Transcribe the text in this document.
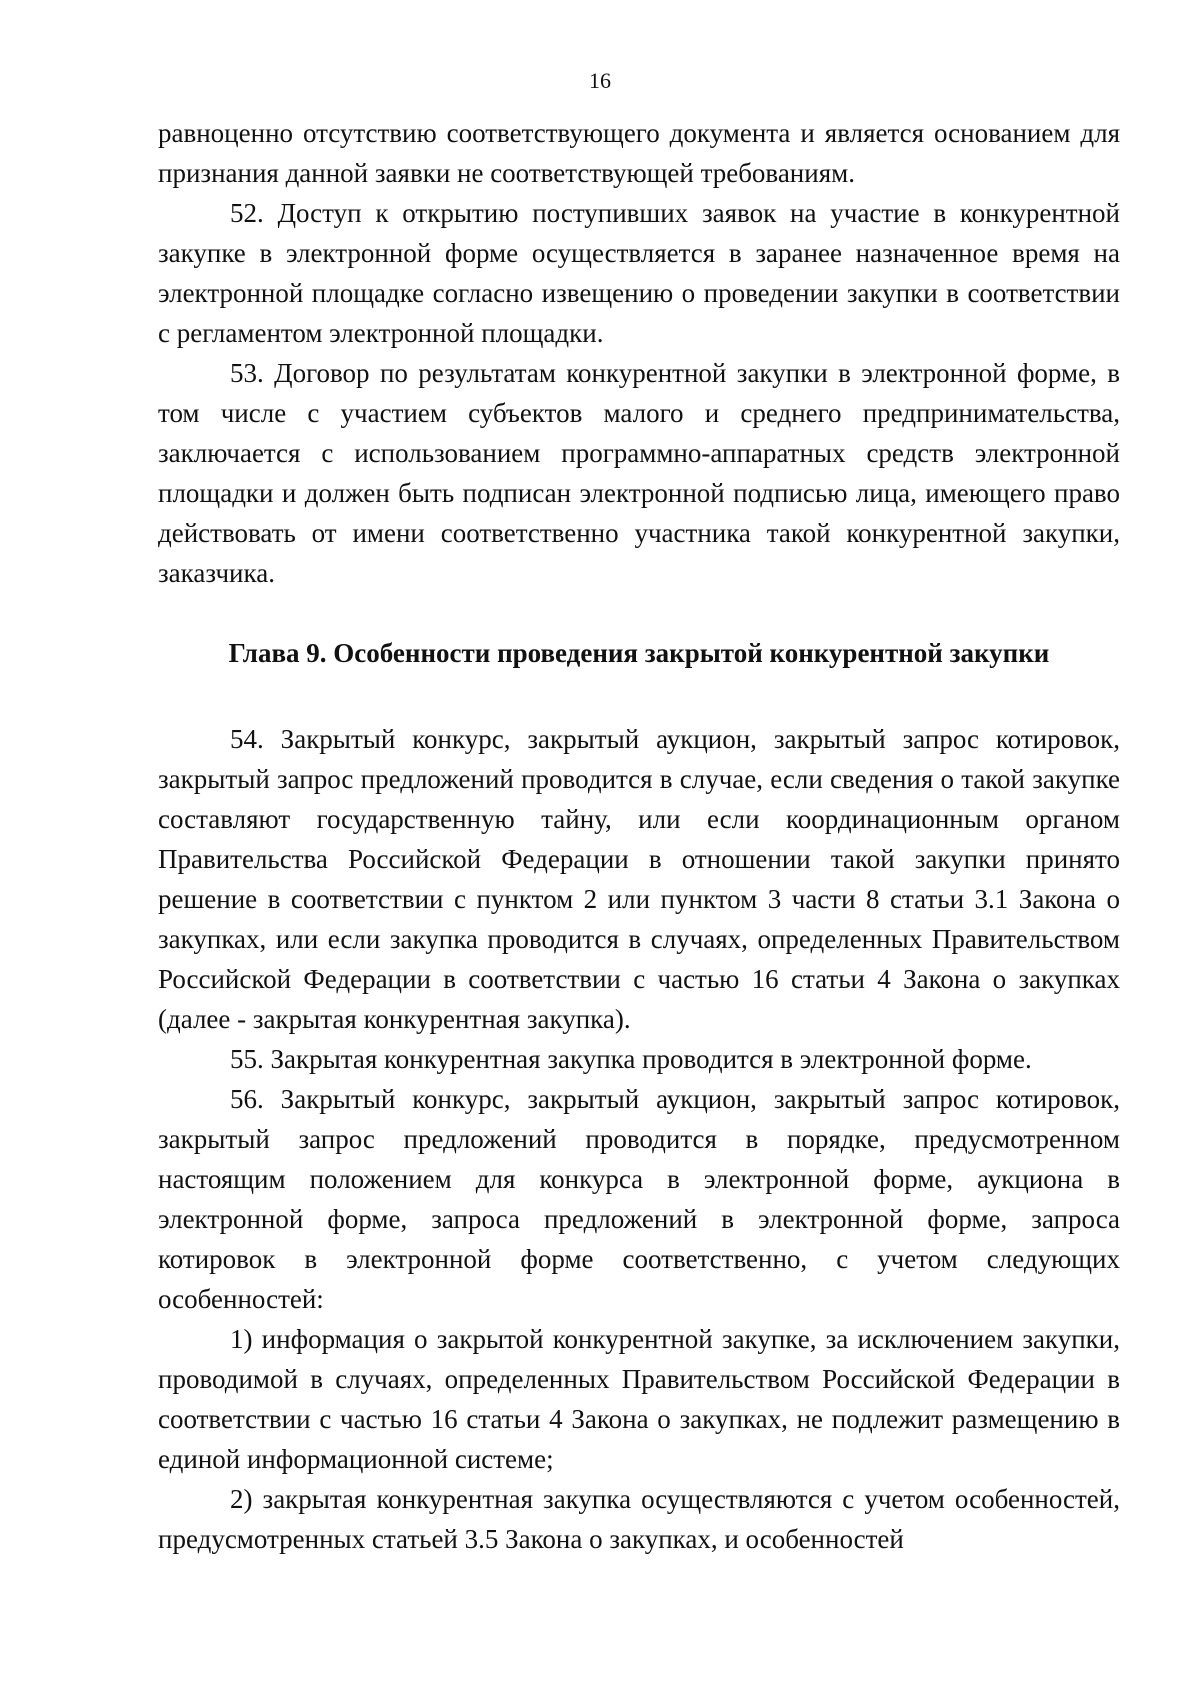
16

равноценно отсутствию соответствующего документа и является основанием для признания данной заявки не соответствующей требованиям.

52. Доступ к открытию поступивших заявок на участие в конкурентной закупке в электронной форме осуществляется в заранее назначенное время на электронной площадке согласно извещению о проведении закупки в соответствии с регламентом электронной площадки.

53. Договор по результатам конкурентной закупки в электронной форме, в том числе с участием субъектов малого и среднего предпринимательства, заключается с использованием программно-аппаратных средств электронной площадки и должен быть подписан электронной подписью лица, имеющего право действовать от имени соответственно участника такой конкурентной закупки, заказчика.

Глава 9. Особенности проведения закрытой конкурентной закупки

54. Закрытый конкурс, закрытый аукцион, закрытый запрос котировок, закрытый запрос предложений проводится в случае, если сведения о такой закупке составляют государственную тайну, или если координационным органом Правительства Российской Федерации в отношении такой закупки принято решение в соответствии с пунктом 2 или пунктом 3 части 8 статьи 3.1 Закона о закупках, или если закупка проводится в случаях, определенных Правительством Российской Федерации в соответствии с частью 16 статьи 4 Закона о закупках (далее - закрытая конкурентная закупка).

55. Закрытая конкурентная закупка проводится в электронной форме.

56. Закрытый конкурс, закрытый аукцион, закрытый запрос котировок, закрытый запрос предложений проводится в порядке, предусмотренном настоящим положением для конкурса в электронной форме, аукциона в электронной форме, запроса предложений в электронной форме, запроса котировок в электронной форме соответственно, с учетом следующих особенностей:

1) информация о закрытой конкурентной закупке, за исключением закупки, проводимой в случаях, определенных Правительством Российской Федерации в соответствии с частью 16 статьи 4 Закона о закупках, не подлежит размещению в единой информационной системе;

2) закрытая конкурентная закупка осуществляются с учетом особенностей, предусмотренных статьей 3.5 Закона о закупках, и особенностей
